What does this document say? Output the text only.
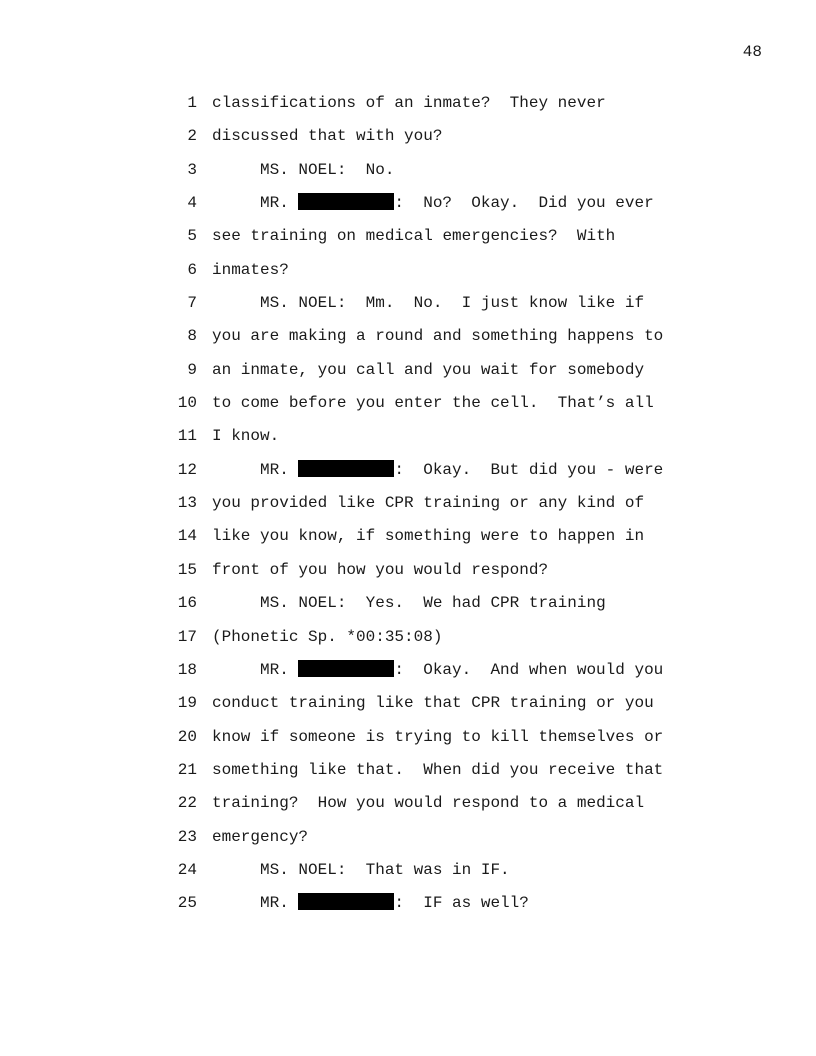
48
1 classifications of an inmate?  They never
2 discussed that with you?
3 MS. NOEL:  No.
4 MR.	:  No?  Okay.  Did you ever
5 see training on medical emergencies?  With
6 inmates?
7 MS. NOEL:  Mm.  No.  I just know like if
8 you are making a round and something happens to
9 an inmate, you call and you wait for somebody
10 to come before you enter the cell.  That’s all
11 I know.
12 MR.	:  Okay.  But did you - were
13 you provided like CPR training or any kind of
14 like you know, if something were to happen in
15 front of you how you would respond?
16 MS. NOEL:  Yes.  We had CPR training
17 (Phonetic Sp. *00:35:08)
18 MR.	:  Okay.  And when would you
19 conduct training like that CPR training or you
20 know if someone is trying to kill themselves or
21 something like that.  When did you receive that
22 training?  How you would respond to a medical
23 emergency?
24 MS. NOEL:  That was in IF.
25 MR.	:  IF as well?
